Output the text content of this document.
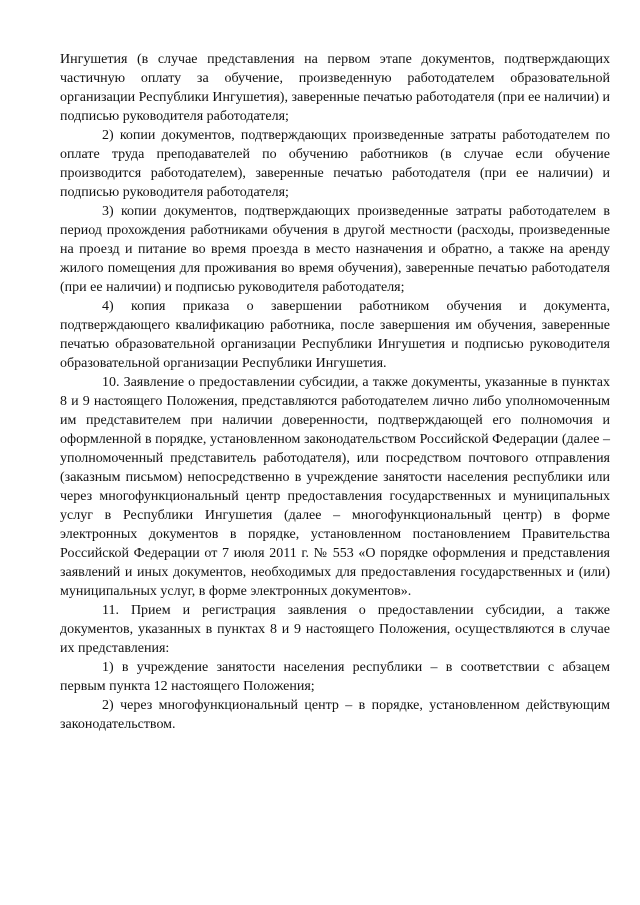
Ингушетия (в случае представления на первом этапе документов, подтверждающих частичную оплату за обучение, произведенную работодателем образовательной организации Республики Ингушетия), заверенные печатью работодателя (при ее наличии) и подписью руководителя работодателя;

2) копии документов, подтверждающих произведенные затраты работодателем по оплате труда преподавателей по обучению работников (в случае если обучение производится работодателем), заверенные печатью работодателя (при ее наличии) и подписью руководителя работодателя;

3) копии документов, подтверждающих произведенные затраты работодателем в период прохождения работниками обучения в другой местности (расходы, произведенные на проезд и питание во время проезда в место назначения и обратно, а также на аренду жилого помещения для проживания во время обучения), заверенные печатью работодателя (при ее наличии) и подписью руководителя работодателя;

4) копия приказа о завершении работником обучения и документа, подтверждающего квалификацию работника, после завершения им обучения, заверенные печатью образовательной организации Республики Ингушетия и подписью руководителя образовательной организации Республики Ингушетия.

10. Заявление о предоставлении субсидии, а также документы, указанные в пунктах 8 и 9 настоящего Положения, представляются работодателем лично либо уполномоченным им представителем при наличии доверенности, подтверждающей его полномочия и оформленной в порядке, установленном законодательством Российской Федерации (далее – уполномоченный представитель работодателя), или посредством почтового отправления (заказным письмом) непосредственно в учреждение занятости населения республики или через многофункциональный центр предоставления государственных и муниципальных услуг в Республики Ингушетия (далее – многофункциональный центр) в форме электронных документов в порядке, установленном постановлением Правительства Российской Федерации от 7 июля 2011 г. № 553 «О порядке оформления и представления заявлений и иных документов, необходимых для предоставления государственных и (или) муниципальных услуг, в форме электронных документов».

11. Прием и регистрация заявления о предоставлении субсидии, а также документов, указанных в пунктах 8 и 9 настоящего Положения, осуществляются в случае их представления:

1) в учреждение занятости населения республики – в соответствии с абзацем первым пункта 12 настоящего Положения;

2) через многофункциональный центр – в порядке, установленном действующим законодательством.
